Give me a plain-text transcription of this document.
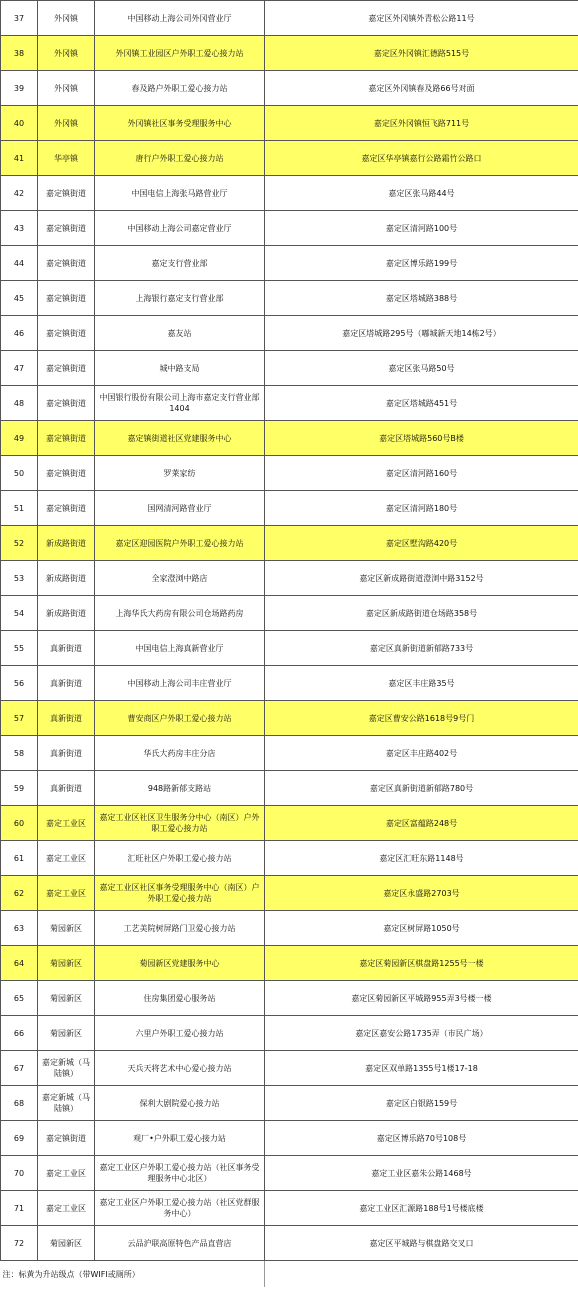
37	外冈镇	中国移动上海公司外冈营业厅	嘉定区外冈镇外青松公路11号
38	外冈镇	外冈镇工业园区户外职工爱心接力站	嘉定区外冈镇汇德路515号
39	外冈镇	春及路户外职工爱心接力站	嘉定区外冈镇春及路66号对面
40	外冈镇	外冈镇社区事务受理服务中心	嘉定区外冈镇恒飞路711号
41	华亭镇	唐行户外职工爱心接力站	嘉定区华亭镇嘉行公路霜竹公路口
42	嘉定镇街道	中国电信上海张马路营业厅	嘉定区张马路44号
43	嘉定镇街道	中国移动上海公司嘉定营业厅	嘉定区清河路100号
44	嘉定镇街道	嘉定支行营业部	嘉定区博乐路199号
45	嘉定镇街道	上海银行嘉定支行营业部	嘉定区塔城路388号
46	嘉定镇街道	嘉友站	嘉定区塔城路295号（嘟城新天地14栋2号）
47	嘉定镇街道	城中路支局	嘉定区张马路50号
48	嘉定镇街道	中国银行股份有限公司上海市嘉定支行营业部1404	嘉定区塔城路451号
49	嘉定镇街道	嘉定镇街道社区党建服务中心	嘉定区塔城路560号B楼
50	嘉定镇街道	罗莱家纺	嘉定区清河路160号
51	嘉定镇街道	国网清河路营业厅	嘉定区清河路180号
52	新成路街道	嘉定区迎园医院户外职工爱心接力站	嘉定区墅沟路420号
53	新成路街道	全家澄浏中路店	嘉定区新成路街道澄浏中路3152号
54	新成路街道	上海华氏大药房有限公司仓场路药房	嘉定区新成路街道仓场路358号
55	真新街道	中国电信上海真新营业厅	嘉定区真新街道新郁路733号
56	真新街道	中国移动上海公司丰庄营业厅	嘉定区丰庄路35号
57	真新街道	曹安商区户外职工爱心接力站	嘉定区曹安公路1618号9号门
58	真新街道	华氏大药房丰庄分店	嘉定区丰庄路402号
59	真新街道	948路新郁支路站	嘉定区真新街道新郁路780号
60	嘉定工业区	嘉定工业区社区卫生服务分中心（南区）户外职工爱心接力站	嘉定区富蕴路248号
61	嘉定工业区	汇旺社区户外职工爱心接力站	嘉定区汇旺东路1148号
62	嘉定工业区	嘉定工业区社区事务受理服务中心（南区）户外职工爱心接力站	嘉定区永盛路2703号
63	菊园新区	工艺美院树屏路门卫爱心接力站	嘉定区树屏路1050号
64	菊园新区	菊园新区党建服务中心	嘉定区菊园新区棋盘路1255号一楼
65	菊园新区	住房集团爱心服务站	嘉定区菊园新区平城路955弄3号楼一楼
66	菊园新区	六里户外职工爱心接力站	嘉定区嘉安公路1735弄（市民广场）
67	嘉定新城（马陆镇）	天兵天将艺术中心爱心接力站	嘉定区双单路1355号1楼17-18
68	嘉定新城（马陆镇）	保利大剧院爱心接力站	嘉定区白银路159号
69	嘉定镇街道	观厂•户外职工爱心接力站	嘉定区博乐路70号108号
70	嘉定工业区	嘉定工业区户外职工爱心接力站（社区事务受理服务中心北区）	嘉定工业区嘉朱公路1468号
71	嘉定工业区	嘉定工业区户外职工爱心接力站（社区党群服务中心）	嘉定工业区汇源路188号1号楼底楼
72	菊园新区	云品沪联高原特色产品直营店	嘉定区平城路与棋盘路交叉口
注：标黄为升站级点（带WIFI或厕所）			
